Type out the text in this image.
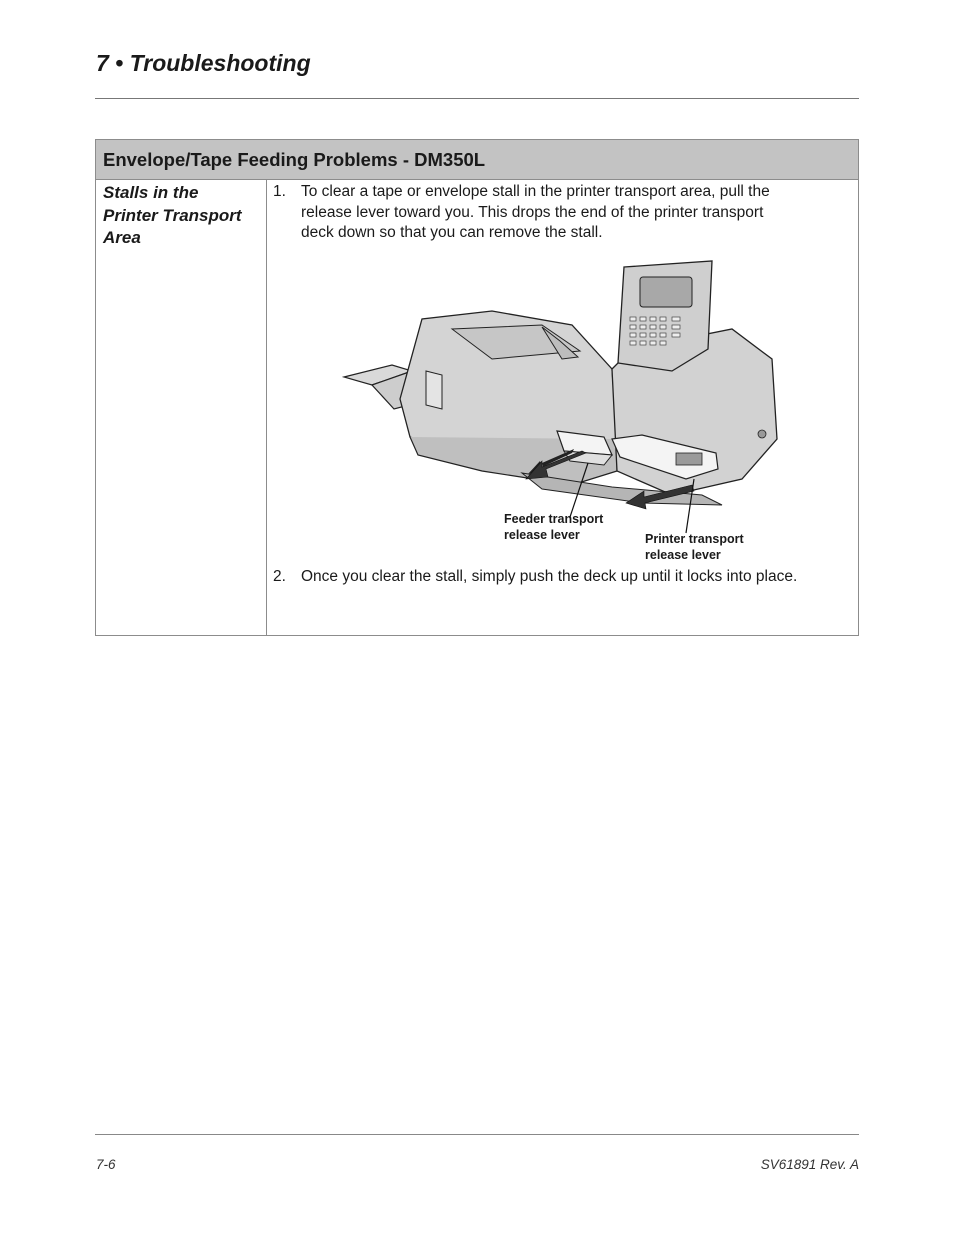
7 • Troubleshooting
Envelope/Tape Feeding Problems - DM350L
Stalls in the
Printer Transport
Area
1. To clear a tape or envelope stall in the printer transport area, pull the
release lever toward you. This drops the end of the printer transport
deck down so that you can remove the stall.
Feeder transport
release lever	Printer transport
release lever
2. Once you clear the stall, simply push the deck up until it locks into place.
7-6	SV61891 Rev. A
